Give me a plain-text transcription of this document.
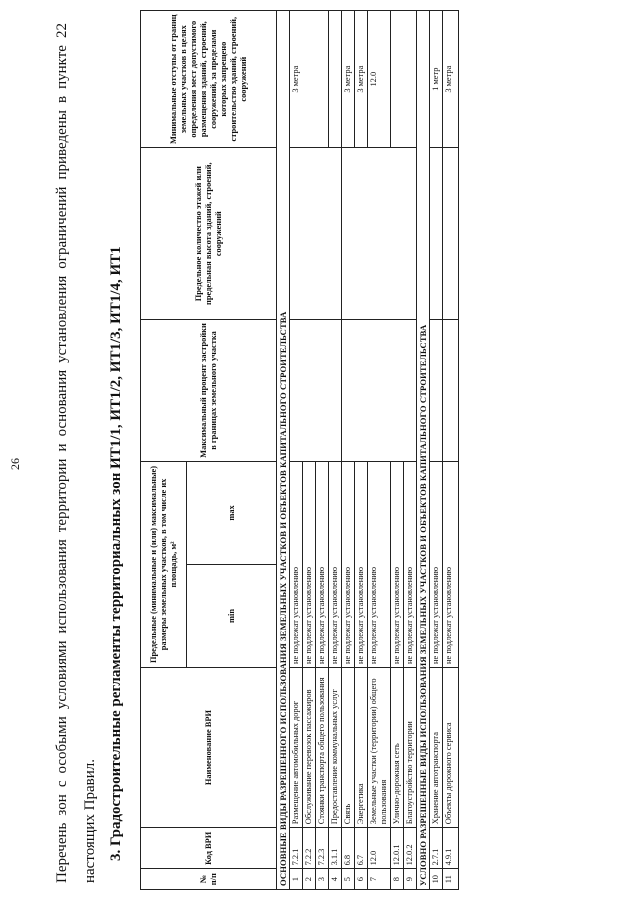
26	Перечень зон с особыми условиями использования территории и основания установления ограничений приведены в пункте 22 настоящих Правил. 3. Градостроительные регламенты территориальных зон ИТ1/1, ИТ1/2, ИТ1/3, ИТ1/4, ИТ1
№ п/п	Код ВРИ	Наименование ВРИ	Предельные (минимальные и (или) максимальные) размеры земельных участков, в том числе их площадь, м²		Максимальный процент застройки в границах земельного участка	Предельное количество этажей или предельная высота зданий, строений, сооружений	Минимальные отступы от границ земельных участков в целях определения мест допустимого размещения зданий, строений, сооружений, за пределами которых запрещено строительство зданий, строений, сооружений
			min	max			
ОСНОВНЫЕ ВИДЫ РАЗРЕШЕННОГО ИСПОЛЬЗОВАНИЯ ЗЕМЕЛЬНЫХ УЧАСТКОВ И ОБЪЕКТОВ КАПИТАЛЬНОГО СТРОИТЕЛЬСТВА							
1	7.2.1	Размещение автомобильных дорог	не подлежат установлению				3 метра
2	7.2.2	Обслуживание перевозок пассажиров	не подлежат установлению				
3	7.2.3	Стоянки транспорта общего пользования	не подлежат установлению				
4	3.1.1	Предоставление коммунальных услуг	не подлежат установлению				
5	6.8	Связь	не подлежат установлению				3 метра
6	6.7	Энергетика	не подлежат установлению				3 метра
7	12.0	Земельные участки (территории) общего пользования	не подлежат установлению				12.0
8	12.0.1	Улично-дорожная сеть	не подлежат установлению				
9	12.0.2	Благоустройство территории	не подлежат установлению				
УСЛОВНО РАЗРЕШЕННЫЕ ВИДЫ ИСПОЛЬЗОВАНИЯ ЗЕМЕЛЬНЫХ УЧАСТКОВ И ОБЪЕКТОВ КАПИТАЛЬНОГО СТРОИТЕЛЬСТВА							
10	2.7.1	Хранение автотранспорта	не подлежат установлению				1 метр
11	4.9.1	Объекты дорожного сервиса	не подлежат установлению				3 метра
